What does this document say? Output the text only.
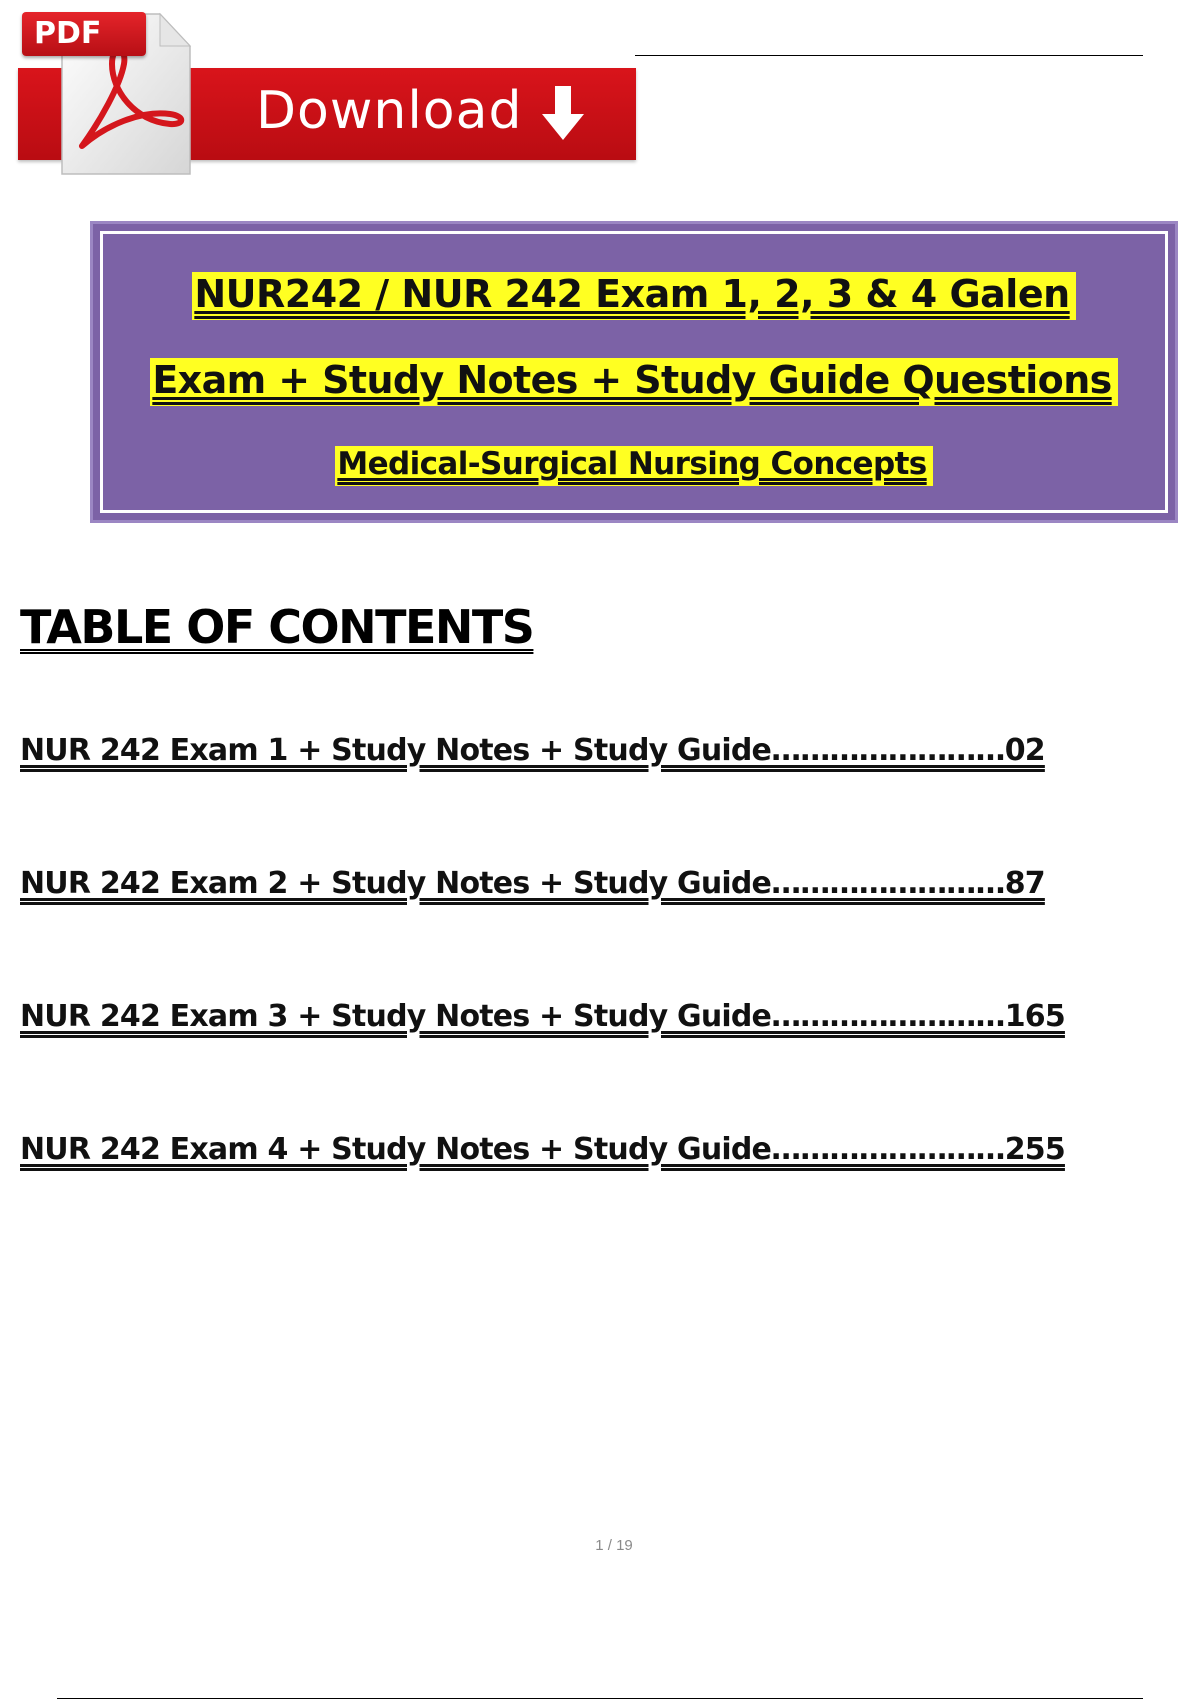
Download
PDF
NUR242 / NUR 242 Exam 1, 2, 3 & 4 Galen
Exam + Study Notes + Study Guide Questions
Medical-Surgical Nursing Concepts
TABLE OF CONTENTS
NUR 242 Exam 1 + Study Notes + Study Guide……………………02
NUR 242 Exam 2 + Study Notes + Study Guide……………………87
NUR 242 Exam 3 + Study Notes + Study Guide……………………165
NUR 242 Exam 4 + Study Notes + Study Guide……………………255
1 / 19
